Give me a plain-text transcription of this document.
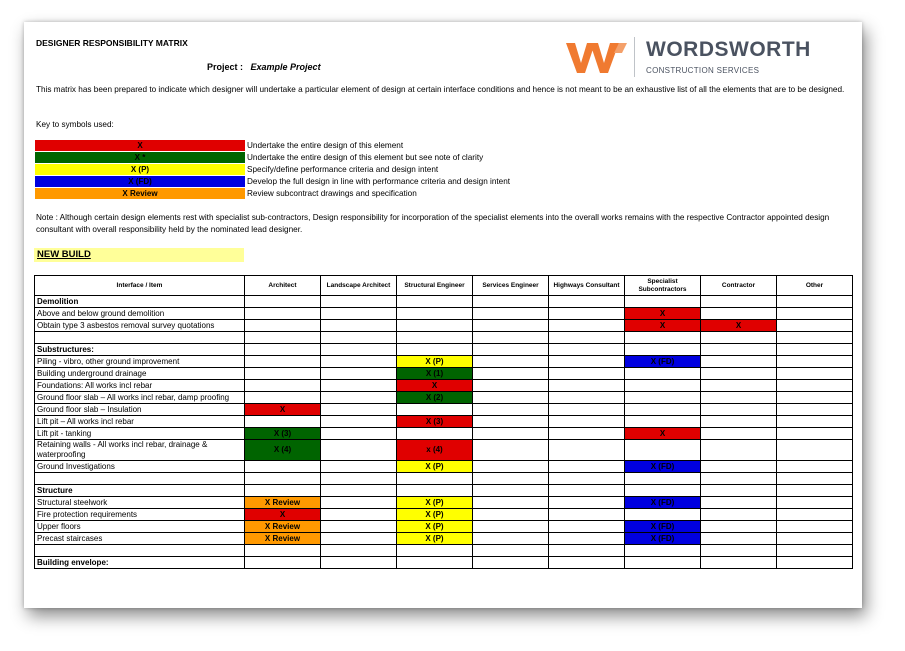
DESIGNER RESPONSIBILITY MATRIX
Project : Example Project
WORDSWORTH
CONSTRUCTION SERVICES
This matrix has been prepared to indicate which designer will undertake a particular element of design at certain interface conditions and hence is not meant to be an exhaustive list of all the elements that are to be designed.
Key to symbols used:
X	Undertake the entire design of this element
X *	Undertake the entire design of this element but see note of clarity
X (P)	Specify/define performance criteria and design intent
X (FD)	Develop the full design in line with performance criteria and design intent
X Review	Review subcontract drawings and specification
Note : Although certain design elements rest with specialist sub-contractors, Design responsibility for incorporation of the specialist elements into the overall works remains with the respective Contractor appointed design consultant with overall responsibility held by the nominated lead designer.
NEW BUILD
Interface / Item	Architect	Landscape Architect	Structural Engineer	Services Engineer	Highways Consultant	Specialist Subcontractors	Contractor	Other
Demolition								
Above and below ground demolition						X		
Obtain type 3 asbestos removal survey quotations						X	X	

Substructures:								
Piling - vibro, other ground improvement			X (P)			X (FD)		
Building underground drainage			X (1)					
Foundations: All works incl rebar			X					
Ground floor slab – All works incl rebar, damp proofing			X (2)					
Ground floor slab – Insulation	X							
Lift pit – All works incl rebar			X (3)					
Lift pit - tanking	X (3)					X		
Retaining walls - All works incl rebar, drainage & waterproofing	X (4)		x (4)					
Ground Investigations			X (P)			X (FD)		

Structure								
Structural steelwork	X Review		X (P)			X (FD)		
Fire protection requirements	X		X (P)					
Upper floors	X Review		X (P)			X (FD)		
Precast staircases	X Review		X (P)			X (FD)		

Building envelope:								
